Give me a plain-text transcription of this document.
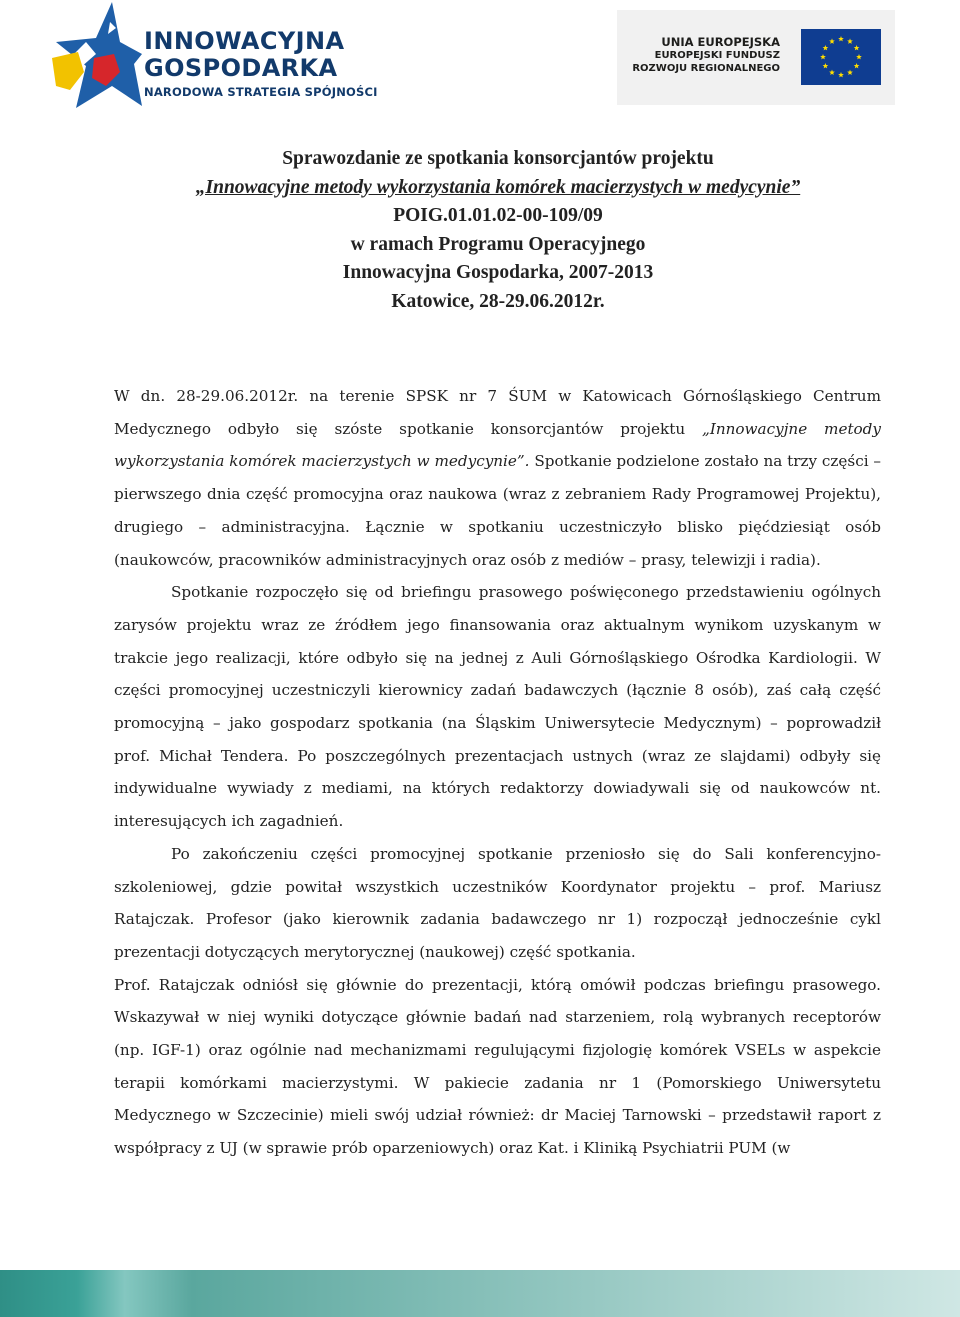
INNOWACYJNA
GOSPODARKA
NARODOWA STRATEGIA SPÓJNOŚCI
UNIA EUROPEJSKA
EUROPEJSKI FUNDUSZ
ROZWOJU REGIONALNEGO
Sprawozdanie ze spotkania konsorcjantów projektu
„Innowacyjne metody wykorzystania komórek macierzystych w medycynie”
POIG.01.01.02-00-109/09
w ramach Programu Operacyjnego
Innowacyjna Gospodarka, 2007-2013
Katowice, 28-29.06.2012r.

W dn. 28-29.06.2012r. na terenie SPSK nr 7 ŚUM w Katowicach Górnośląskiego Centrum Medycznego odbyło się szóste spotkanie konsorcjantów projektu „Innowacyjne metody wykorzystania komórek macierzystych w medycynie”. Spotkanie podzielone zostało na trzy części – pierwszego dnia część promocyjna oraz naukowa (wraz z zebraniem Rady Programowej Projektu), drugiego – administracyjna. Łącznie w spotkaniu uczestniczyło blisko pięćdziesiąt osób (naukowców, pracowników administracyjnych oraz osób z mediów – prasy, telewizji i radia).

Spotkanie rozpoczęło się od briefingu prasowego poświęconego przedstawieniu ogólnych zarysów projektu wraz ze źródłem jego finansowania oraz aktualnym wynikom uzyskanym w trakcie jego realizacji, które odbyło się na jednej z Auli Górnośląskiego Ośrodka Kardiologii. W części promocyjnej uczestniczyli kierownicy zadań badawczych (łącznie 8 osób), zaś całą część promocyjną – jako gospodarz spotkania (na Śląskim Uniwersytecie Medycznym) – poprowadził prof. Michał Tendera. Po poszczególnych prezentacjach ustnych (wraz ze slajdami) odbyły się indywidualne wywiady z mediami, na których redaktorzy dowiadywali się od naukowców nt. interesujących ich zagadnień.

Po zakończeniu części promocyjnej spotkanie przeniosło się do Sali konferencyjno-szkoleniowej, gdzie powitał wszystkich uczestników Koordynator projektu – prof. Mariusz Ratajczak. Profesor (jako kierownik zadania badawczego nr 1) rozpoczął jednocześnie cykl prezentacji dotyczących merytorycznej (naukowej) część spotkania.

Prof. Ratajczak odniósł się głównie do prezentacji, którą omówił podczas briefingu prasowego. Wskazywał w niej wyniki dotyczące głównie badań nad starzeniem, rolą wybranych receptorów (np. IGF-1) oraz ogólnie nad mechanizmami regulującymi fizjologię komórek VSELs w aspekcie terapii komórkami macierzystymi. W pakiecie zadania nr 1 (Pomorskiego Uniwersytetu Medycznego w Szczecinie) mieli swój udział również: dr Maciej Tarnowski – przedstawił raport z współpracy z UJ (w sprawie prób oparzeniowych) oraz Kat. i Kliniką Psychiatrii PUM (w
